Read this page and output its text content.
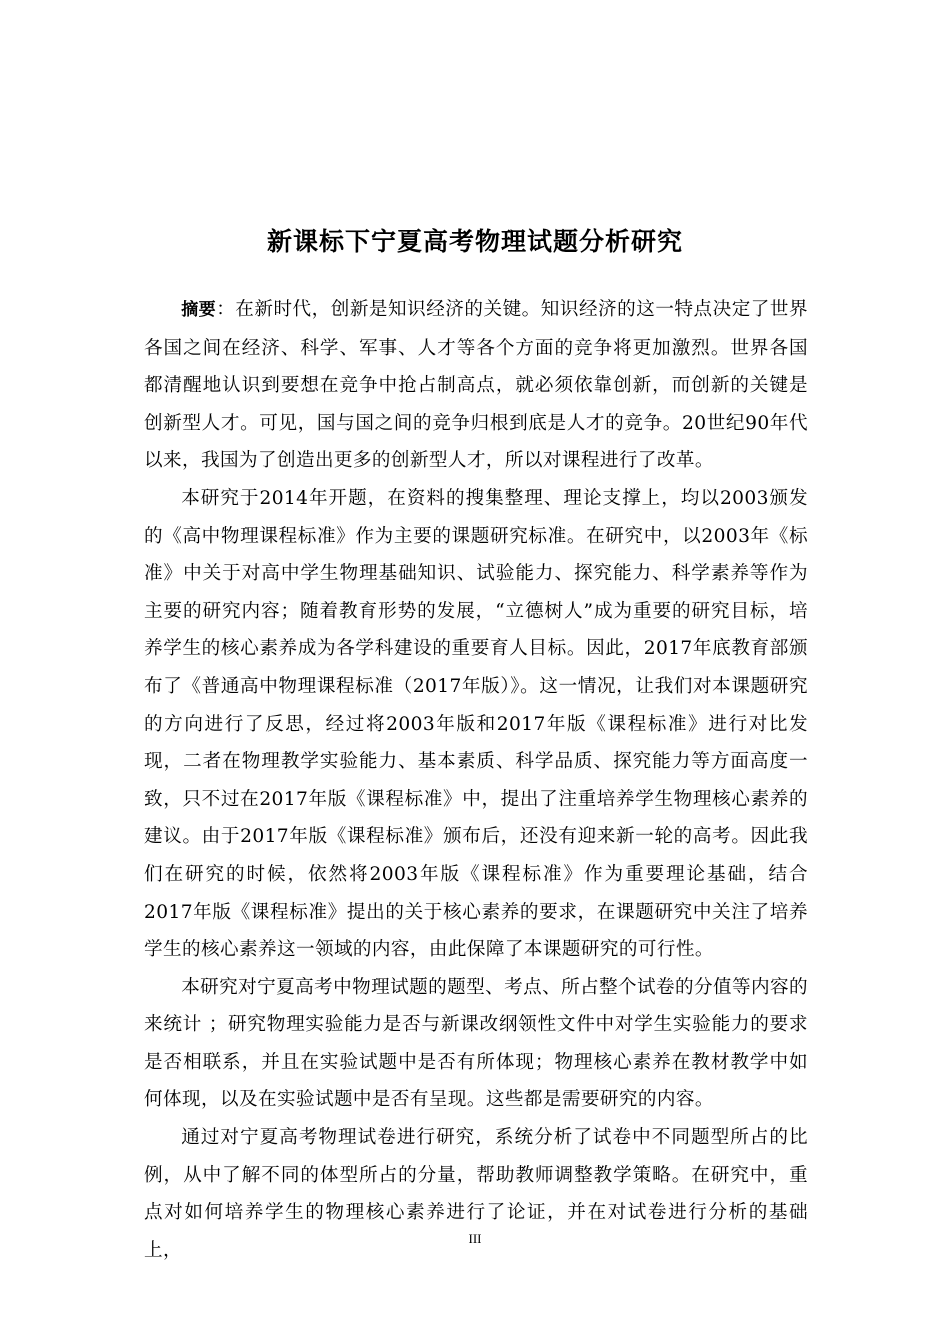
新课标下宁夏高考物理试题分析研究

摘要：在新时代，创新是知识经济的关键。知识经济的这一特点决定了世界各国之间在经济、科学、军事、人才等各个方面的竞争将更加激烈。世界各国都清醒地认识到要想在竞争中抢占制高点，就必须依靠创新，而创新的关键是创新型人才。可见，国与国之间的竞争归根到底是人才的竞争。20世纪90年代以来，我国为了创造出更多的创新型人才，所以对课程进行了改革。

本研究于2014年开题，在资料的搜集整理、理论支撑上，均以2003颁发的《高中物理课程标准》作为主要的课题研究标准。在研究中，以2003年《标准》中关于对高中学生物理基础知识、试验能力、探究能力、科学素养等作为主要的研究内容；随着教育形势的发展，“立德树人”成为重要的研究目标，培养学生的核心素养成为各学科建设的重要育人目标。因此，2017年底教育部颁布了《普通高中物理课程标准（2017年版）》。这一情况，让我们对本课题研究的方向进行了反思，经过将2003年版和2017年版《课程标准》进行对比发现，二者在物理教学实验能力、基本素质、科学品质、探究能力等方面高度一致，只不过在2017年版《课程标准》中，提出了注重培养学生物理核心素养的建议。由于2017年版《课程标准》颁布后，还没有迎来新一轮的高考。因此我们在研究的时候，依然将2003年版《课程标准》作为重要理论基础，结合2017年版《课程标准》提出的关于核心素养的要求，在课题研究中关注了培养学生的核心素养这一领域的内容，由此保障了本课题研究的可行性。

本研究对宁夏高考中物理试题的题型、考点、所占整个试卷的分值等内容的来统计 ；研究物理实验能力是否与新课改纲领性文件中对学生实验能力的要求是否相联系，并且在实验试题中是否有所体现；物理核心素养在教材教学中如何体现，以及在实验试题中是否有呈现。这些都是需要研究的内容。

通过对宁夏高考物理试卷进行研究，系统分析了试卷中不同题型所占的比例，从中了解不同的体型所占的分量，帮助教师调整教学策略。在研究中，重点对如何培养学生的物理核心素养进行了论证，并在对试卷进行分析的基础上，

III
